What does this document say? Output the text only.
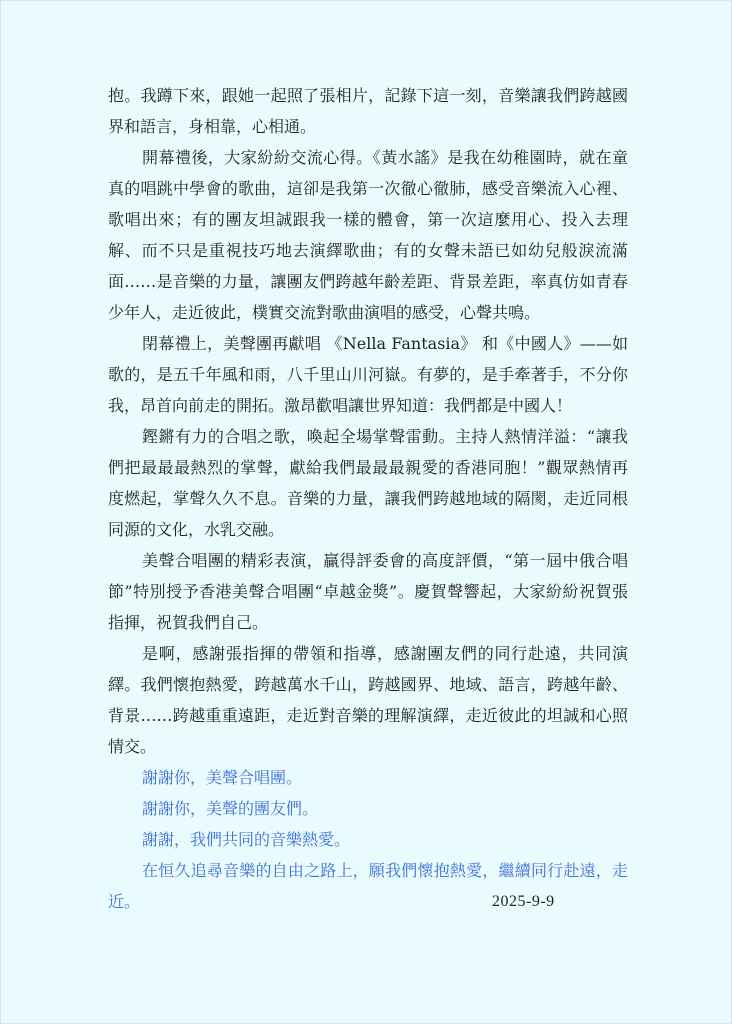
抱。我蹲下來，跟她一起照了張相片，記錄下這一刻，音樂讓我們跨越國界和語言，身相靠，心相通。

開幕禮後，大家紛紛交流心得。《黃水謠》是我在幼稚園時，就在童真的唱跳中學會的歌曲，這卻是我第一次徹心徹肺，感受音樂流入心裡、歌唱出來；有的團友坦誠跟我一樣的體會，第一次這麼用心、投入去理解、而不只是重視技巧地去演繹歌曲；有的女聲未語已如幼兒般淚流滿面……是音樂的力量，讓團友們跨越年齡差距、背景差距，率真仿如青春少年人，走近彼此，樸實交流對歌曲演唱的感受，心聲共鳴。

閉幕禮上，美聲團再獻唱 《Nella Fantasia》 和《中國人》——如歌的，是五千年風和雨，八千里山川河嶽。有夢的，是手牽著手，不分你我，昂首向前走的開拓。激昂歡唱讓世界知道：我們都是中國人！

鏗鏘有力的合唱之歌，喚起全場掌聲雷動。主持人熱情洋溢：“讓我們把最最最熱烈的掌聲，獻給我們最最最親愛的香港同胞！”觀眾熱情再度燃起，掌聲久久不息。音樂的力量，讓我們跨越地域的隔閡，走近同根同源的文化，水乳交融。

美聲合唱團的精彩表演，贏得評委會的高度評價，“第一屆中俄合唱節”特別授予香港美聲合唱團“卓越金獎”。慶賀聲響起，大家紛紛祝賀張指揮，祝賀我們自己。

是啊，感謝張指揮的帶領和指導，感謝團友們的同行赴遠，共同演繹。我們懷抱熱愛，跨越萬水千山，跨越國界、地域、語言，跨越年齡、背景……跨越重重遠距，走近對音樂的理解演繹，走近彼此的坦誠和心照情交。

謝謝你，美聲合唱團。

謝謝你，美聲的團友們。

謝謝，我們共同的音樂熱愛。

在恒久追尋音樂的自由之路上，願我們懷抱熱愛，繼續同行赴遠，走近。	2025-9-9
